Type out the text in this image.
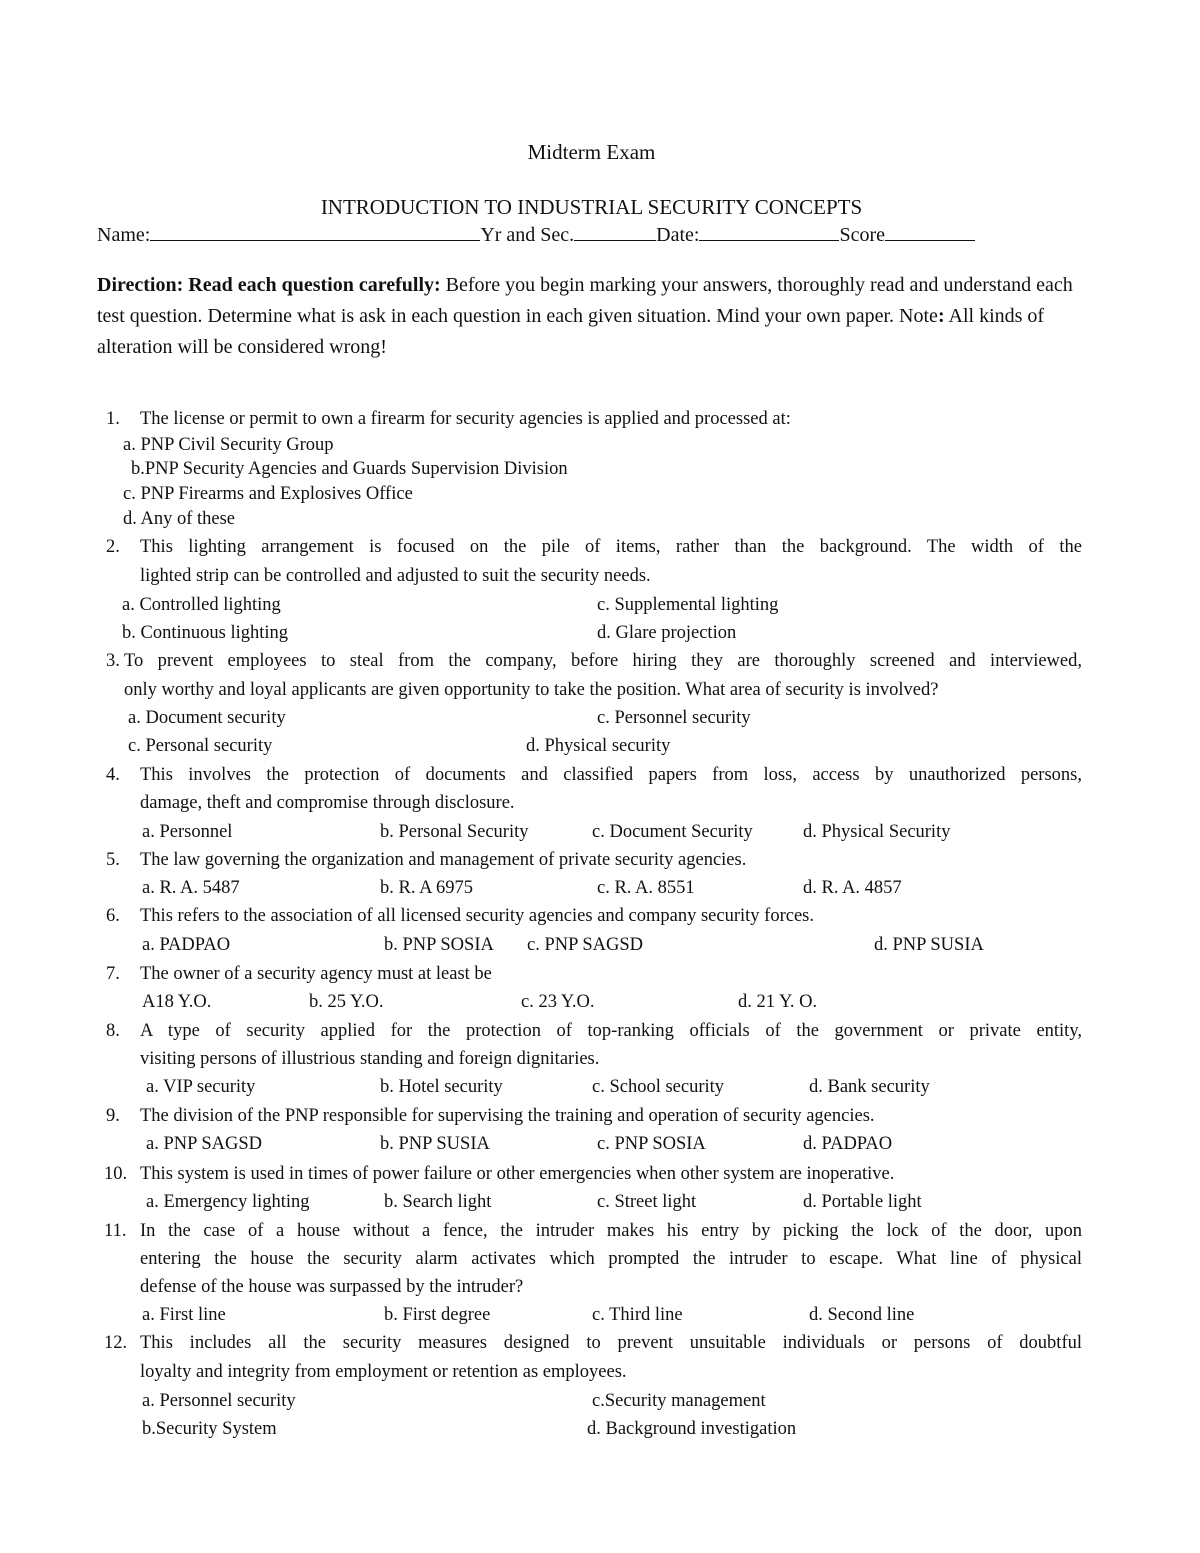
Midterm Exam
INTRODUCTION TO INDUSTRIAL SECURITY CONCEPTS
Name:	Yr and Sec.	Date:	Score
Direction: Read each question carefully: Before you begin marking your answers, thoroughly read and understand each test question. Determine what is ask in each question in each given situation. Mind your own paper. Note: All kinds of alteration will be considered wrong!
1. The license or permit to own a firearm for security agencies is applied and processed at:
a. PNP Civil Security Group
b.PNP Security Agencies and Guards Supervision Division
c. PNP Firearms and Explosives Office
d. Any of these
2. This lighting arrangement is focused on the pile of items, rather than the background. The width of the
lighted strip can be controlled and adjusted to suit the security needs.
a. Controlled lighting	c. Supplemental lighting
b. Continuous lighting	d. Glare projection
3. To prevent employees to steal from the company, before hiring they are thoroughly screened and interviewed,
only worthy and loyal applicants are given opportunity to take the position. What area of security is involved?
a. Document security	c. Personnel security
c. Personal security	d. Physical security
4. This involves the protection of documents and classified papers from loss, access by unauthorized persons,
damage, theft and compromise through disclosure.
a. Personnel	b. Personal Security	c. Document Security	d. Physical Security
5. The law governing the organization and management of private security agencies.
a. R. A. 5487	b. R. A 6975	c. R. A. 8551	d. R. A. 4857
6. This refers to the association of all licensed security agencies and company security forces.
a. PADPAO	b. PNP SOSIA c. PNP SAGSD	d. PNP SUSIA
7. The owner of a security agency must at least be
A18 Y.O.	b. 25 Y.O.	c. 23 Y.O.	d. 21 Y. O.
8. A type of security applied for the protection of top-ranking officials of the government or private entity,
visiting persons of illustrious standing and foreign dignitaries.
a. VIP security	b. Hotel security	c. School security	d. Bank security
9. The division of the PNP responsible for supervising the training and operation of security agencies.
a. PNP SAGSD	b. PNP SUSIA	c. PNP SOSIA	d. PADPAO
10. This system is used in times of power failure or other emergencies when other system are inoperative.
a. Emergency lighting	b. Search light	c. Street light	d. Portable light
11. In the case of a house without a fence, the intruder makes his entry by picking the lock of the door, upon
entering the house the security alarm activates which prompted the intruder to escape. What line of physical
defense of the house was surpassed by the intruder?
a. First line	b. First degree	c. Third line	d. Second line
12. This includes all the security measures designed to prevent unsuitable individuals or persons of doubtful
loyalty and integrity from employment or retention as employees.
a. Personnel security	c.Security management
b.Security System	d. Background investigation
